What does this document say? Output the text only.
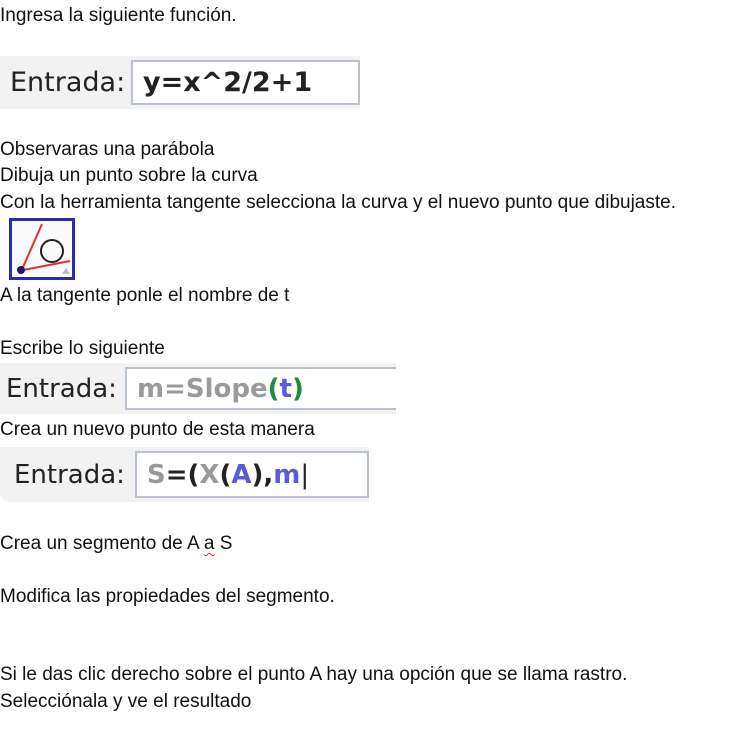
Ingresa la siguiente función.
Entrada: y=x^2/2+1
Observaras una parábola
Dibuja un punto sobre la curva
Con la herramienta tangente selecciona la curva y el nuevo punto que dibujaste.
A la tangente ponle el nombre de t
Escribe lo siguiente
Entrada: m = Slope ( t )
Crea un nuevo punto de esta manera
Entrada: S = ( X ( A ) , m |
Crea un segmento de A a S
Modifica las propiedades del segmento.
Si le das clic derecho sobre el punto A hay una opción que se llama rastro.
Selecciónala y ve el resultado
